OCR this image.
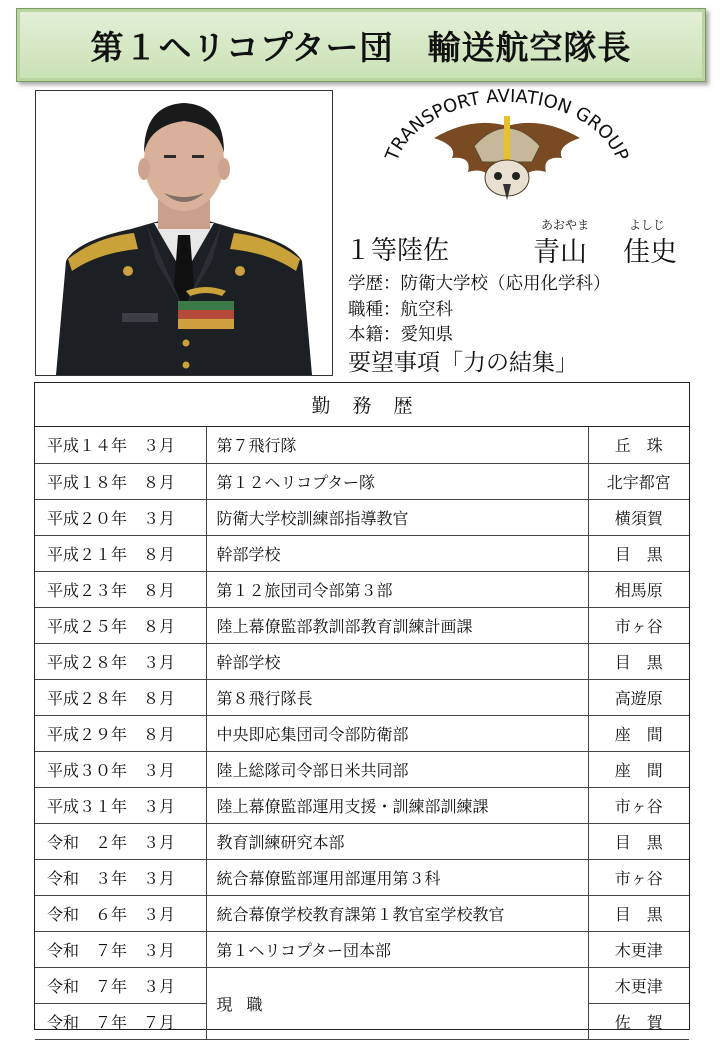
第１ヘリコプター団　輸送航空隊長
TRANSPORT AVIATION GROUP
１等陸佐
あおやま	よしじ
青山 佳史
学歴：防衛大学校（応用化学科）
職種：航空科
本籍：愛知県
要望事項「力の結集」
勤務歴
平成１４年　３月	第７飛行隊	丘　珠
平成１８年　８月	第１２ヘリコプター隊	北宇都宮
平成２０年　３月	防衛大学校訓練部指導教官	横須賀
平成２１年　８月	幹部学校	目　黒
平成２３年　８月	第１２旅団司令部第３部	相馬原
平成２５年　８月	陸上幕僚監部教訓部教育訓練計画課	市ヶ谷
平成２８年　３月	幹部学校	目　黒
平成２８年　８月	第８飛行隊長	高遊原
平成２９年　８月	中央即応集団司令部防衛部	座　間
平成３０年　３月	陸上総隊司令部日米共同部	座　間
平成３１年　３月	陸上幕僚監部運用支援・訓練部訓練課	市ヶ谷
令和　２年　３月	教育訓練研究本部	目　黒
令和　３年　３月	統合幕僚監部運用部運用第３科	市ヶ谷
令和　６年　３月	統合幕僚学校教育課第１教官室学校教官	目　黒
令和　７年　３月	第１ヘリコプター団本部	木更津
令和　７年　３月	現職	木更津
令和　７年　７月		佐　賀
